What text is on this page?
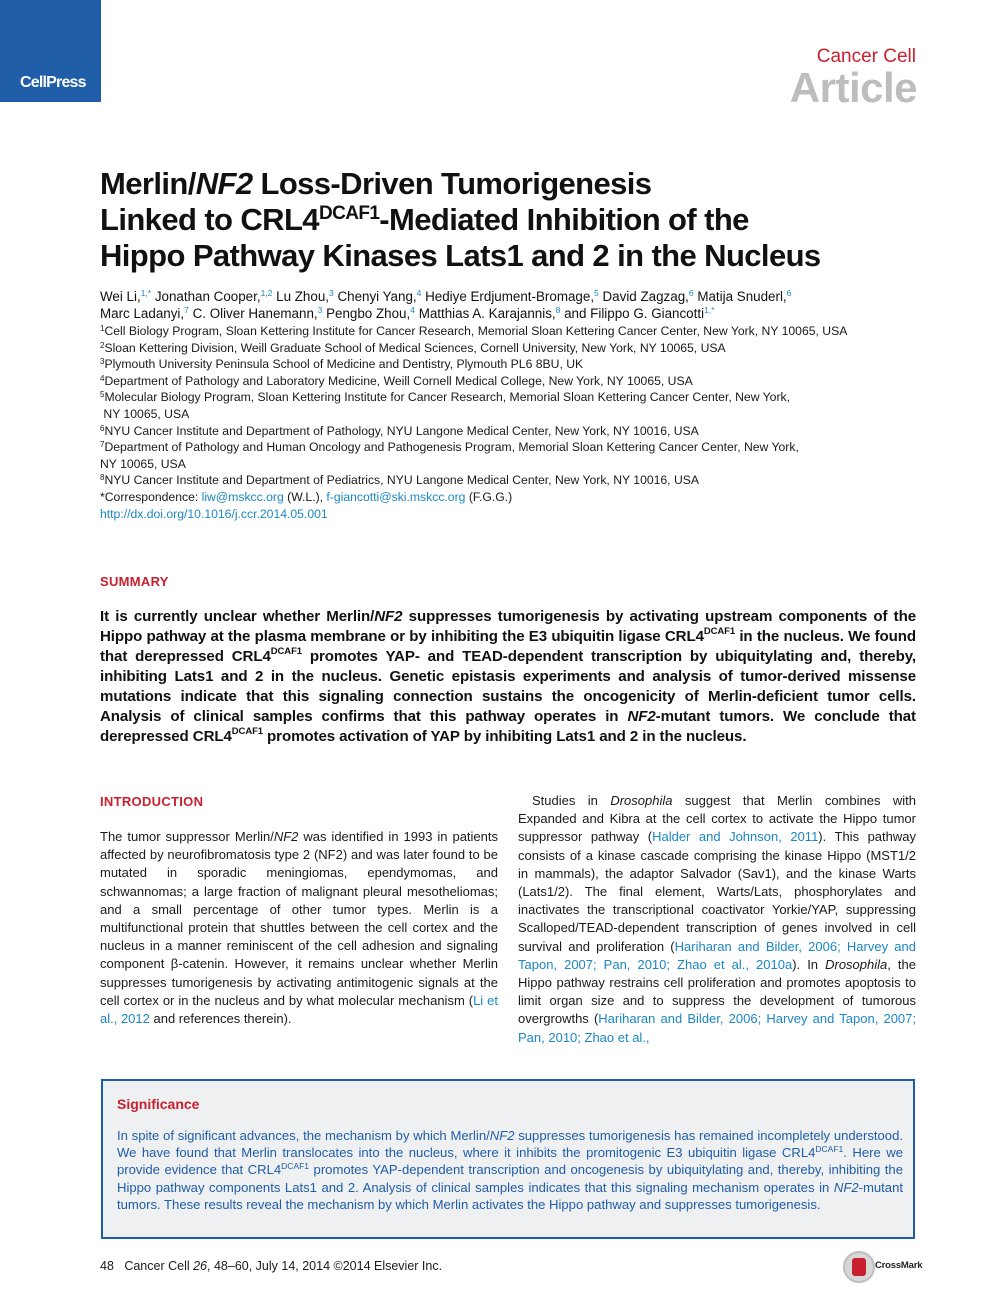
CellPress
Cancer Cell
Article
Merlin/NF2 Loss-Driven Tumorigenesis
Linked to $CRL4^{DCAF1}$-Mediated Inhibition of the
Hippo Pathway Kinases Lats1 and 2 in the Nucleus
Wei Li,$^{1,*}$ Jonathan Cooper,$^{1,2}$ Lu Zhou,$^3$ Chenyi Yang,$^4$ Hediye Erdjument-Bromage,$^5$ David Zagzag,$^6$ Matija Snuderl,$^6$
Marc Ladanyi,$^7$ C. Oliver Hanemann,$^3$ Pengbo Zhou,$^4$ Matthias A. Karajannis,$^8$ and Filippo G. Giancotti$^{1,*}$
$^1$Cell Biology Program, Sloan Kettering Institute for Cancer Research, Memorial Sloan Kettering Cancer Center, New York, NY 10065, USA
$^2$Sloan Kettering Division, Weill Graduate School of Medical Sciences, Cornell University, New York, NY 10065, USA
$^3$Plymouth University Peninsula School of Medicine and Dentistry, Plymouth PL6 8BU, UK
$^4$Department of Pathology and Laboratory Medicine, Weill Cornell Medical College, New York, NY 10065, USA
$^5$Molecular Biology Program, Sloan Kettering Institute for Cancer Research, Memorial Sloan Kettering Cancer Center, New York,
NY 10065, USA
$^6$NYU Cancer Institute and Department of Pathology, NYU Langone Medical Center, New York, NY 10016, USA
$^7$Department of Pathology and Human Oncology and Pathogenesis Program, Memorial Sloan Kettering Cancer Center, New York,
NY 10065, USA
$^8$NYU Cancer Institute and Department of Pediatrics, NYU Langone Medical Center, New York, NY 10016, USA
*Correspondence: liw@mskcc.org (W.L.), f-giancotti@ski.mskcc.org (F.G.G.)
http://dx.doi.org/10.1016/j.ccr.2014.05.001
SUMMARY
It is currently unclear whether Merlin/NF2 suppresses tumorigenesis by activating upstream components of the Hippo pathway at the plasma membrane or by inhibiting the E3 ubiquitin ligase $CRL4^{DCAF1}$ in the nucleus. We found that derepressed $CRL4^{DCAF1}$ promotes YAP- and TEAD-dependent transcription by ubiquitylating and, thereby, inhibiting Lats1 and 2 in the nucleus. Genetic epistasis experiments and analysis of tumor-derived missense mutations indicate that this signaling connection sustains the oncogenicity of Merlin-deficient tumor cells. Analysis of clinical samples confirms that this pathway operates in NF2-mutant tumors. We conclude that derepressed $CRL4^{DCAF1}$ promotes activation of YAP by inhibiting Lats1 and 2 in the nucleus.
INTRODUCTION
The tumor suppressor Merlin/NF2 was identified in 1993 in patients affected by neurofibromatosis type 2 (NF2) and was later found to be mutated in sporadic meningiomas, ependymomas, and schwannomas; a large fraction of malignant pleural mesotheliomas; and a small percentage of other tumor types. Merlin is a multifunctional protein that shuttles between the cell cortex and the nucleus in a manner reminiscent of the cell adhesion and signaling component β-catenin. However, it remains unclear whether Merlin suppresses tumorigenesis by activating antimitogenic signals at the cell cortex or in the nucleus and by what molecular mechanism (Li et al., 2012 and references therein).
Studies in Drosophila suggest that Merlin combines with Expanded and Kibra at the cell cortex to activate the Hippo tumor suppressor pathway (Halder and Johnson, 2011). This pathway consists of a kinase cascade comprising the kinase Hippo (MST1/2 in mammals), the adaptor Salvador (Sav1), and the kinase Warts (Lats1/2). The final element, Warts/Lats, phosphorylates and inactivates the transcriptional coactivator Yorkie/YAP, suppressing Scalloped/TEAD-dependent transcription of genes involved in cell survival and proliferation (Hariharan and Bilder, 2006; Harvey and Tapon, 2007; Pan, 2010; Zhao et al., 2010a). In Drosophila, the Hippo pathway restrains cell proliferation and promotes apoptosis to limit organ size and to suppress the development of tumorous overgrowths (Hariharan and Bilder, 2006; Harvey and Tapon, 2007; Pan, 2010; Zhao et al.,
Significance
In spite of significant advances, the mechanism by which Merlin/NF2 suppresses tumorigenesis has remained incompletely understood. We have found that Merlin translocates into the nucleus, where it inhibits the promitogenic E3 ubiquitin ligase $CRL4^{DCAF1}$. Here we provide evidence that $CRL4^{DCAF1}$ promotes YAP-dependent transcription and oncogenesis by ubiquitylating and, thereby, inhibiting the Hippo pathway components Lats1 and 2. Analysis of clinical samples indicates that this signaling mechanism operates in NF2-mutant tumors. These results reveal the mechanism by which Merlin activates the Hippo pathway and suppresses tumorigenesis.
48 Cancer Cell 26, 48–60, July 14, 2014 ©2014 Elsevier Inc.	CrossMark
